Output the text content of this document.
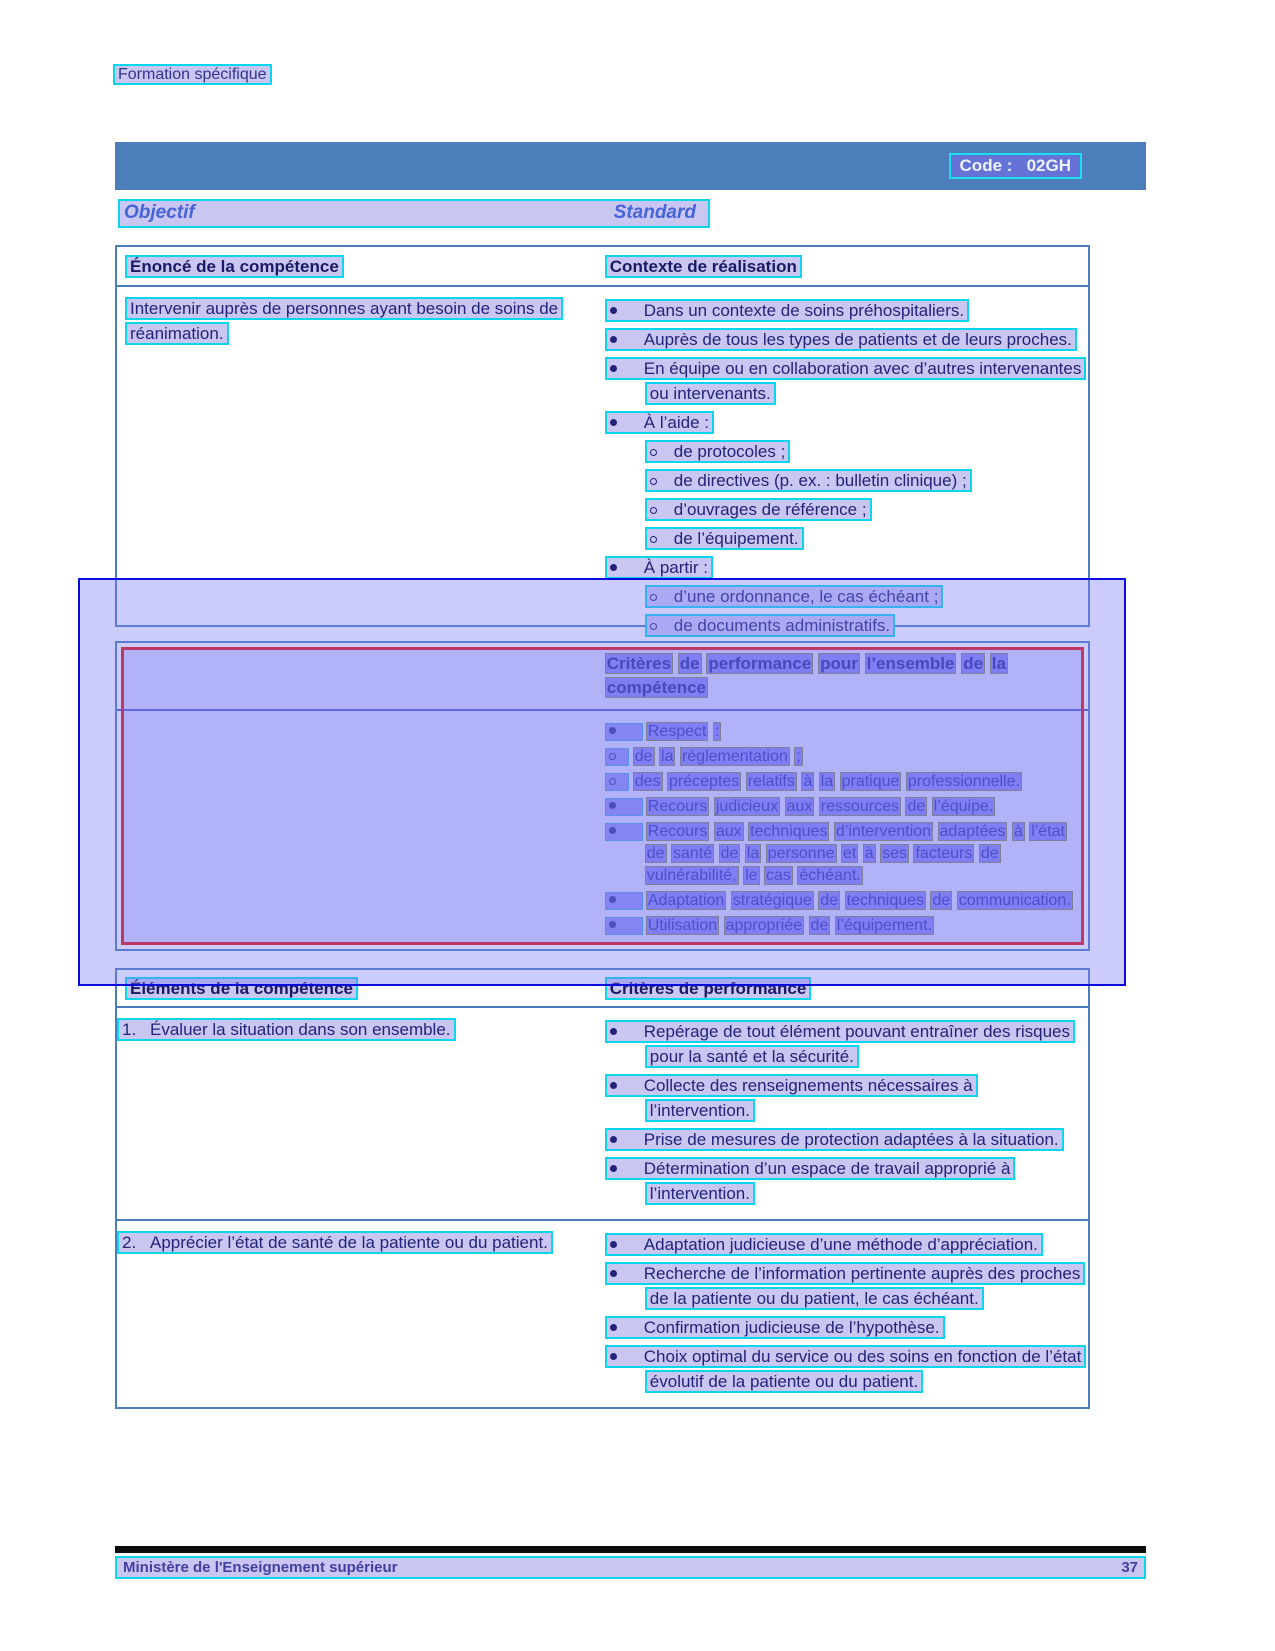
Formation spécifique
Code :   02GH
Objectif	Standard
Énoncé de la compétence	Contexte de réalisation
Intervenir auprès de personnes ayant besoin de soins de réanimation.
Dans un contexte de soins préhospitaliers.
Auprès de tous les types de patients et de leurs proches.
En équipe ou en collaboration avec d’autres intervenantes ou intervenants.
À l’aide :
de protocoles ;
de directives (p. ex. : bulletin clinique) ;
d’ouvrages de référence ;
de l’équipement.
À partir :
d’une ordonnance, le cas échéant ;
de documents administratifs.
Critères de performance pour l’ensemble de la compétence
Respect :
de la réglementation ;
des préceptes relatifs à la pratique professionnelle.
Recours judicieux aux ressources de l’équipe.
Recours aux techniques d’intervention adaptées à l’état de santé de la personne et à ses facteurs de vulnérabilité, le cas échéant.
Adaptation stratégique de techniques de communication.
Utilisation appropriée de l’équipement.
Éléments de la compétence	Critères de performance
1. Évaluer la situation dans son ensemble.	Repérage de tout élément pouvant entraîner des risques pour la santé et la sécurité.
Collecte des renseignements nécessaires à l’intervention.
Prise de mesures de protection adaptées à la situation.
Détermination d’un espace de travail approprié à l’intervention.
2. Apprécier l’état de santé de la patiente ou du patient.	Adaptation judicieuse d’une méthode d’appréciation.
Recherche de l’information pertinente auprès des proches de la patiente ou du patient, le cas échéant.
Confirmation judicieuse de l’hypothèse.
Choix optimal du service ou des soins en fonction de l’état évolutif de la patiente ou du patient.
Ministère de l'Enseignement supérieur	37
